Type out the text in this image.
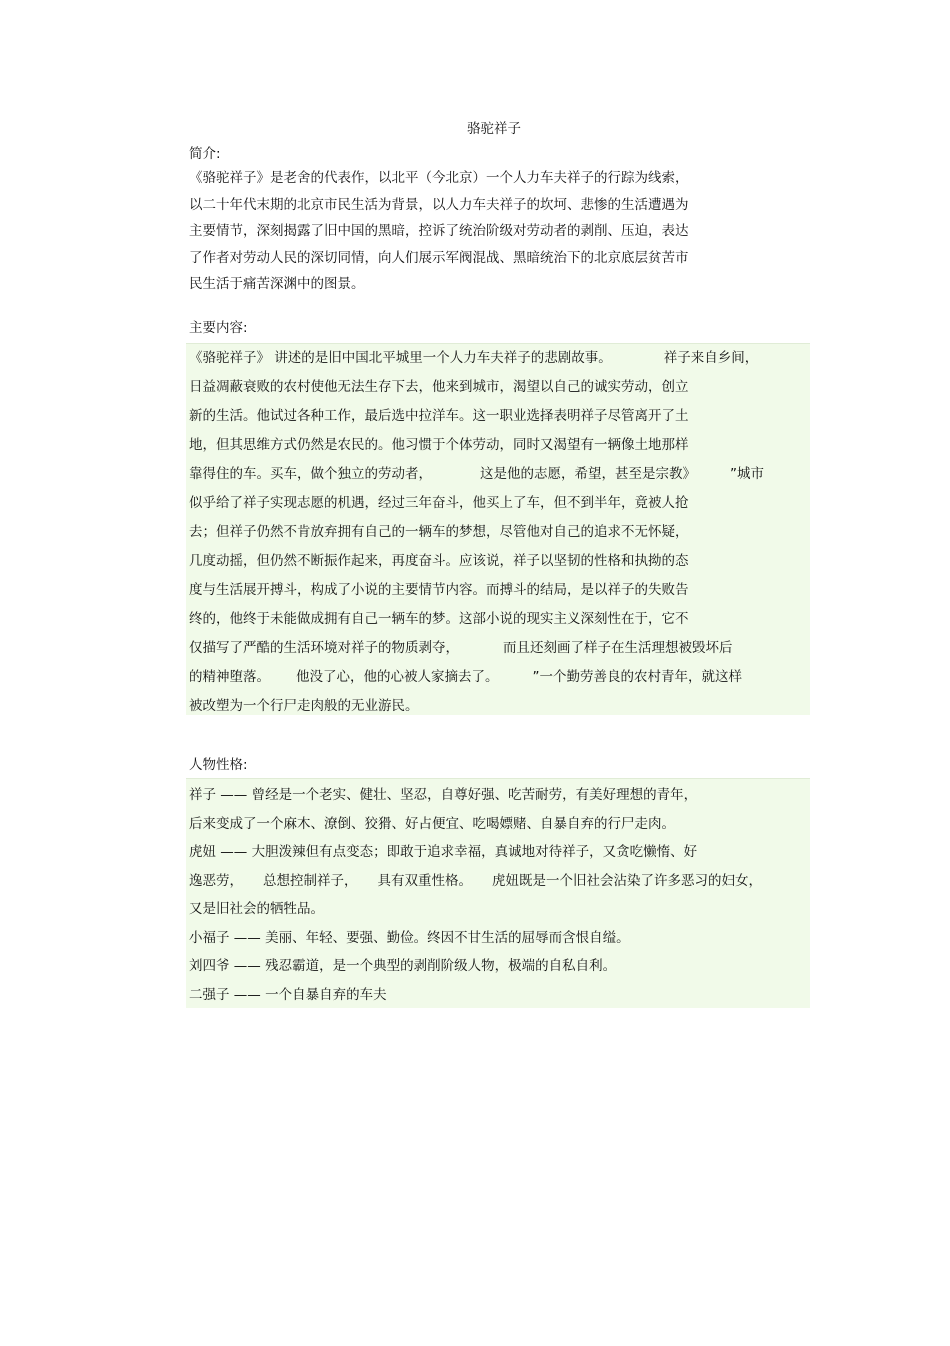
骆驼祥子
简介:
《骆驼祥子》是老舍的代表作，以北平（今北京）一个人力车夫祥子的行踪为线索，
以二十年代末期的北京市民生活为背景，以人力车夫祥子的坎坷、悲惨的生活遭遇为
主要情节，深刻揭露了旧中国的黑暗，控诉了统治阶级对劳动者的剥削、压迫，表达
了作者对劳动人民的深切同情，向人们展示军阀混战、黑暗统治下的北京底层贫苦市
民生活于痛苦深渊中的图景。
主要内容:
《骆驼祥子》 讲述的是旧中国北平城里一个人力车夫祥子的悲剧故事。	祥子来自乡间，
日益凋蔽衰败的农村使他无法生存下去，他来到城市，渴望以自己的诚实劳动，创立
新的生活。他试过各种工作，最后选中拉洋车。这一职业选择表明祥子尽管离开了土
地，但其思维方式仍然是农民的。他习惯于个体劳动，同时又渴望有一辆像土地那样
靠得住的车。买车，做个独立的劳动者，	这是他的志愿，希望，甚至是宗教》	”城市
似乎给了祥子实现志愿的机遇，经过三年奋斗，他买上了车，但不到半年，竟被人抢
去；但祥子仍然不肯放弃拥有自己的一辆车的梦想，尽管他对自己的追求不无怀疑，
几度动摇，但仍然不断振作起来，再度奋斗。应该说，祥子以坚韧的性格和执拗的态
度与生活展开搏斗，构成了小说的主要情节内容。而搏斗的结局，是以祥子的失败告
终的，他终于未能做成拥有自己一辆车的梦。这部小说的现实主义深刻性在于，它不
仅描写了严酷的生活环境对祥子的物质剥夺，	而且还刻画了样子在生活理想被毁坏后
的精神堕落。 他没了心，他的心被人家摘去了。	”一个勤劳善良的农村青年，就这样
被改塑为一个行尸走肉般的无业游民。
人物性格:
祥子 —— 曾经是一个老实、健壮、坚忍，自尊好强、吃苦耐劳，有美好理想的青年，
后来变成了一个麻木、潦倒、狡猾、好占便宜、吃喝嫖赌、自暴自弃的行尸走肉。
虎妞 —— 大胆泼辣但有点变态；即敢于追求幸福，真诚地对待祥子，又贪吃懒惰、好
逸恶劳， 总想控制祥子， 具有双重性格。 虎妞既是一个旧社会沾染了许多恶习的妇女，
又是旧社会的牺牲品。
小福子 —— 美丽、年轻、要强、勤俭。终因不甘生活的屈辱而含恨自缢。
刘四爷 —— 残忍霸道，是一个典型的剥削阶级人物，极端的自私自利。
二强子 —— 一个自暴自弃的车夫
